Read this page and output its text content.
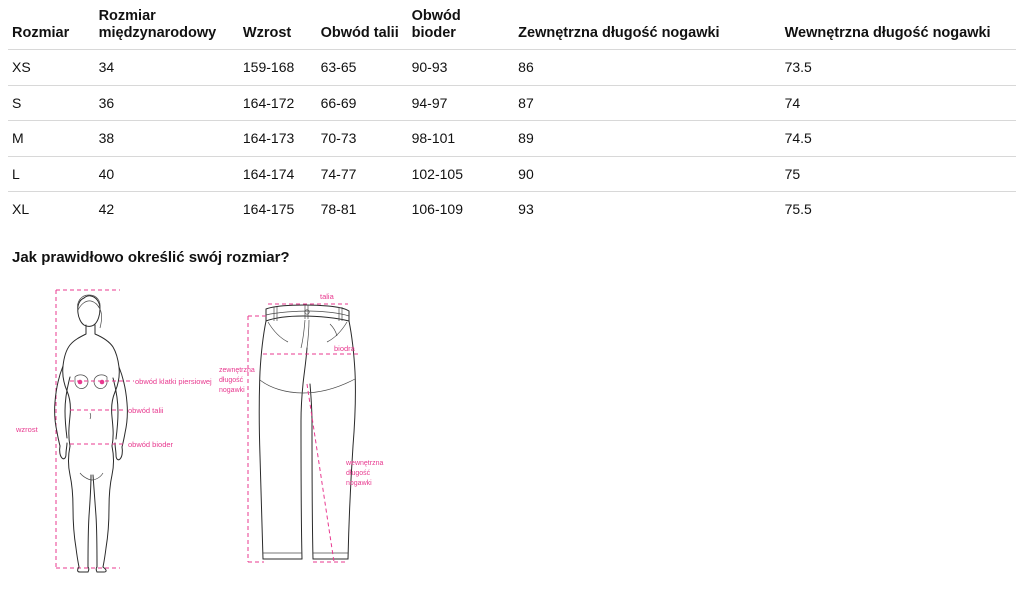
Rozmiar	Rozmiar międzynarodowy	Wzrost	Obwód talii	Obwód bioder	Zewnętrzna długość nogawki	Wewnętrzna długość nogawki

XS	34	159-168	63-65	90-93	86	73.5
S	36	164-172	66-69	94-97	87	74
M	38	164-173	70-73	98-101	89	74.5
L	40	164-174	74-77	102-105	90	75
XL	42	164-175	78-81	106-109	93	75.5
Jak prawidłowo określić swój rozmiar?
obwód klatki piersiowej
obwód talii
obwód bioder
wzrost
talia
biodra
zewnętrzna
długość
nogawki
wewnętrzna
długość
nogawki
